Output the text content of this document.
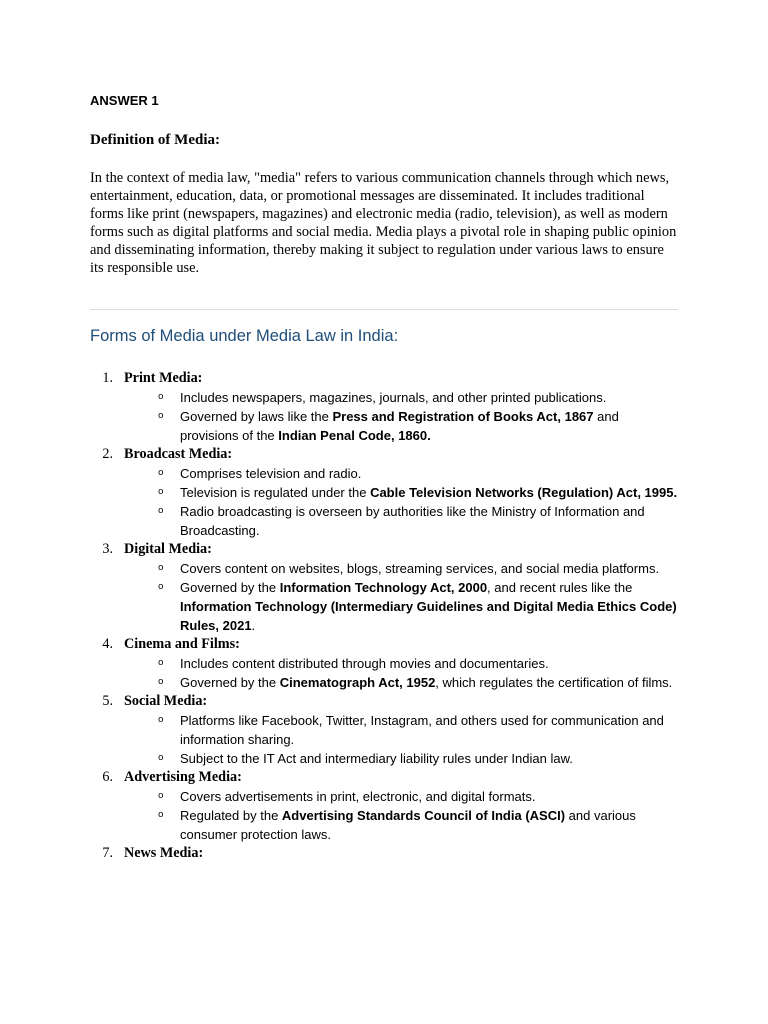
ANSWER 1

Definition of Media:

In the context of media law, "media" refers to various communication channels through which news, entertainment, education, data, or promotional messages are disseminated. It includes traditional forms like print (newspapers, magazines) and electronic media (radio, television), as well as modern forms such as digital platforms and social media. Media plays a pivotal role in shaping public opinion and disseminating information, thereby making it subject to regulation under various laws to ensure its responsible use.

Forms of Media under Media Law in India:
1. Print Media:
o Includes newspapers, magazines, journals, and other printed publications.
o Governed by laws like the Press and Registration of Books Act, 1867 and provisions of the Indian Penal Code, 1860.
2. Broadcast Media:
o Comprises television and radio.
o Television is regulated under the Cable Television Networks (Regulation) Act, 1995.
o Radio broadcasting is overseen by authorities like the Ministry of Information and Broadcasting.
3. Digital Media:
o Covers content on websites, blogs, streaming services, and social media platforms.
o Governed by the Information Technology Act, 2000, and recent rules like the Information Technology (Intermediary Guidelines and Digital Media Ethics Code) Rules, 2021.
4. Cinema and Films:
o Includes content distributed through movies and documentaries.
o Governed by the Cinematograph Act, 1952, which regulates the certification of films.
5. Social Media:
o Platforms like Facebook, Twitter, Instagram, and others used for communication and information sharing.
o Subject to the IT Act and intermediary liability rules under Indian law.
6. Advertising Media:
o Covers advertisements in print, electronic, and digital formats.
o Regulated by the Advertising Standards Council of India (ASCI) and various consumer protection laws.
7. News Media:
